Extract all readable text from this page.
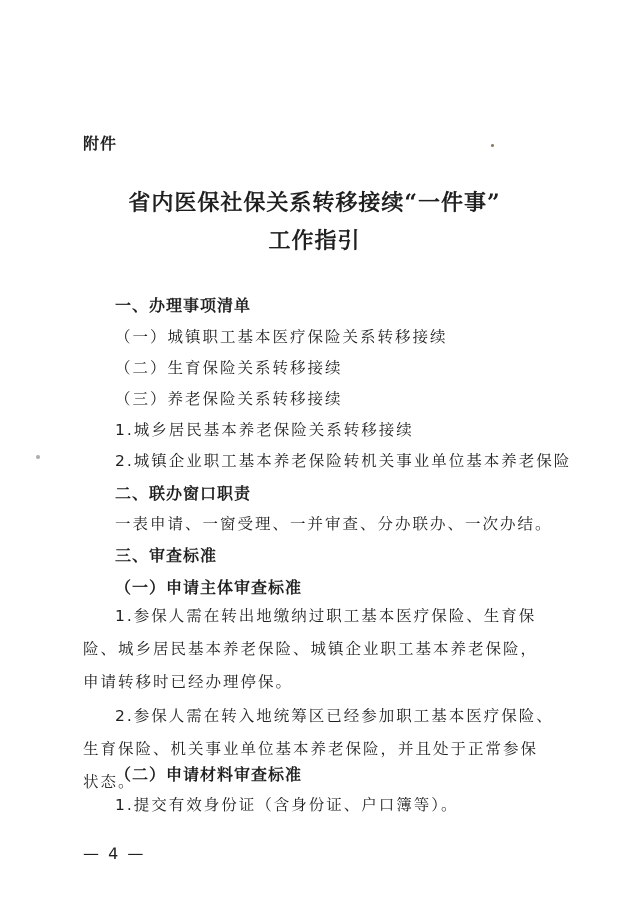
附件
省内医保社保关系转移接续“一件事”
工作指引
一、办理事项清单
（一）城镇职工基本医疗保险关系转移接续
（二）生育保险关系转移接续
（三）养老保险关系转移接续
1.城乡居民基本养老保险关系转移接续
2.城镇企业职工基本养老保险转机关事业单位基本养老保险
二、联办窗口职责
一表申请、一窗受理、一并审查、分办联办、一次办结。
三、审查标准
（一）申请主体审查标准
1.参保人需在转出地缴纳过职工基本医疗保险、生育保险、城乡居民基本养老保险、城镇企业职工基本养老保险，申请转移时已经办理停保。
2.参保人需在转入地统筹区已经参加职工基本医疗保险、生育保险、机关事业单位基本养老保险，并且处于正常参保状态。
（二）申请材料审查标准
1.提交有效身份证（含身份证、户口簿等）。
— 4 —
